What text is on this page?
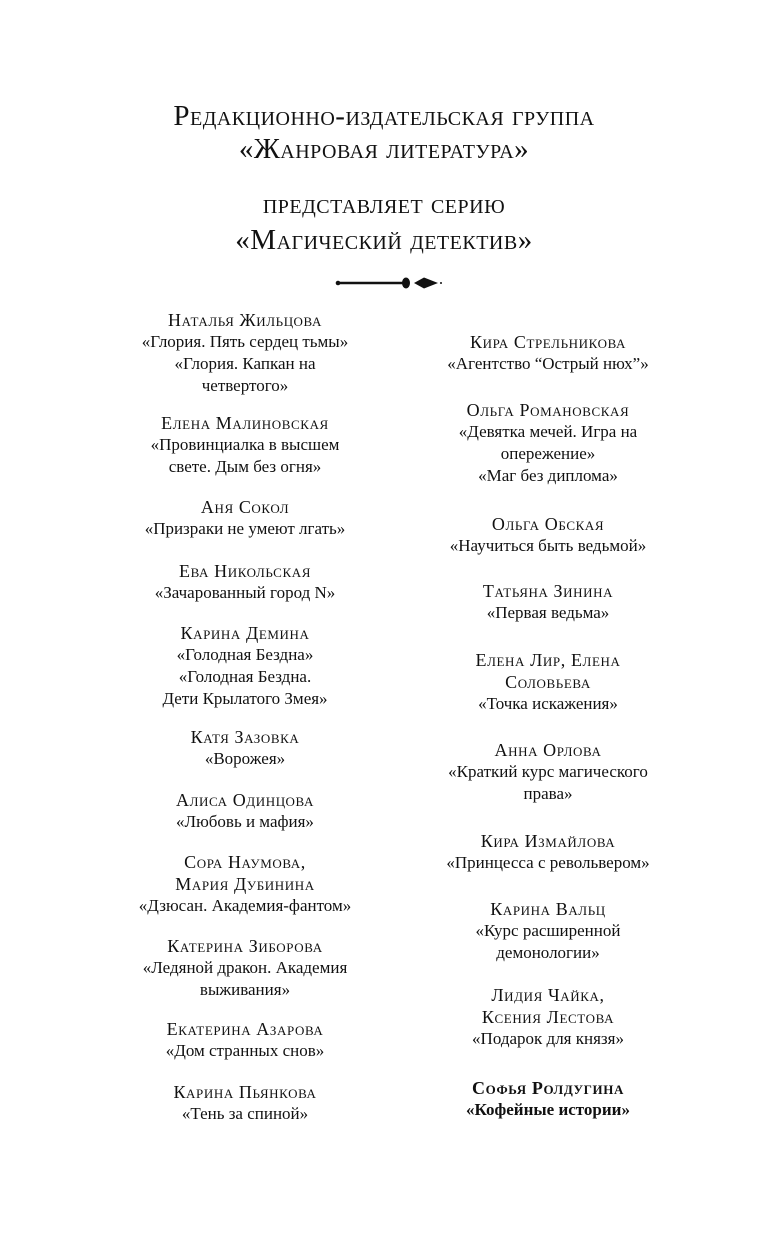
Редакционно-издательская группа
«Жанровая литература»
представляет серию
«Магический детектив»
Наталья Жильцова
«Глория. Пять сердец тьмы»
«Глория. Капкан на
четвертого»
Елена Малиновская
«Провинциалка в высшем
свете. Дым без огня»
Аня Сокол
«Призраки не умеют лгать»
Ева Никольская
«Зачарованный город N»
Карина Демина
«Голодная Бездна»
«Голодная Бездна.
Дети Крылатого Змея»
Катя Зазовка
«Ворожея»
Алиса Одинцова
«Любовь и мафия»
Сора Наумова,
Мария Дубинина
«Дзюсан. Академия-фантом»
Катерина Зиборова
«Ледяной дракон. Академия
выживания»
Екатерина Азарова
«Дом странных снов»
Карина Пьянкова
«Тень за спиной»
Кира Стрельникова
«Агентство “Острый нюх”»
Ольга Романовская
«Девятка мечей. Игра на
опережение»
«Маг без диплома»
Ольга Обская
«Научиться быть ведьмой»
Татьяна Зинина
«Первая ведьма»
Елена Лир, Елена
Соловьева
«Точка искажения»
Анна Орлова
«Краткий курс магического
права»
Кира Измайлова
«Принцесса с револьвером»
Карина Вальц
«Курс расширенной
демонологии»
Лидия Чайка,
Ксения Лестова
«Подарок для князя»
Софья Ролдугина
«Кофейные истории»
